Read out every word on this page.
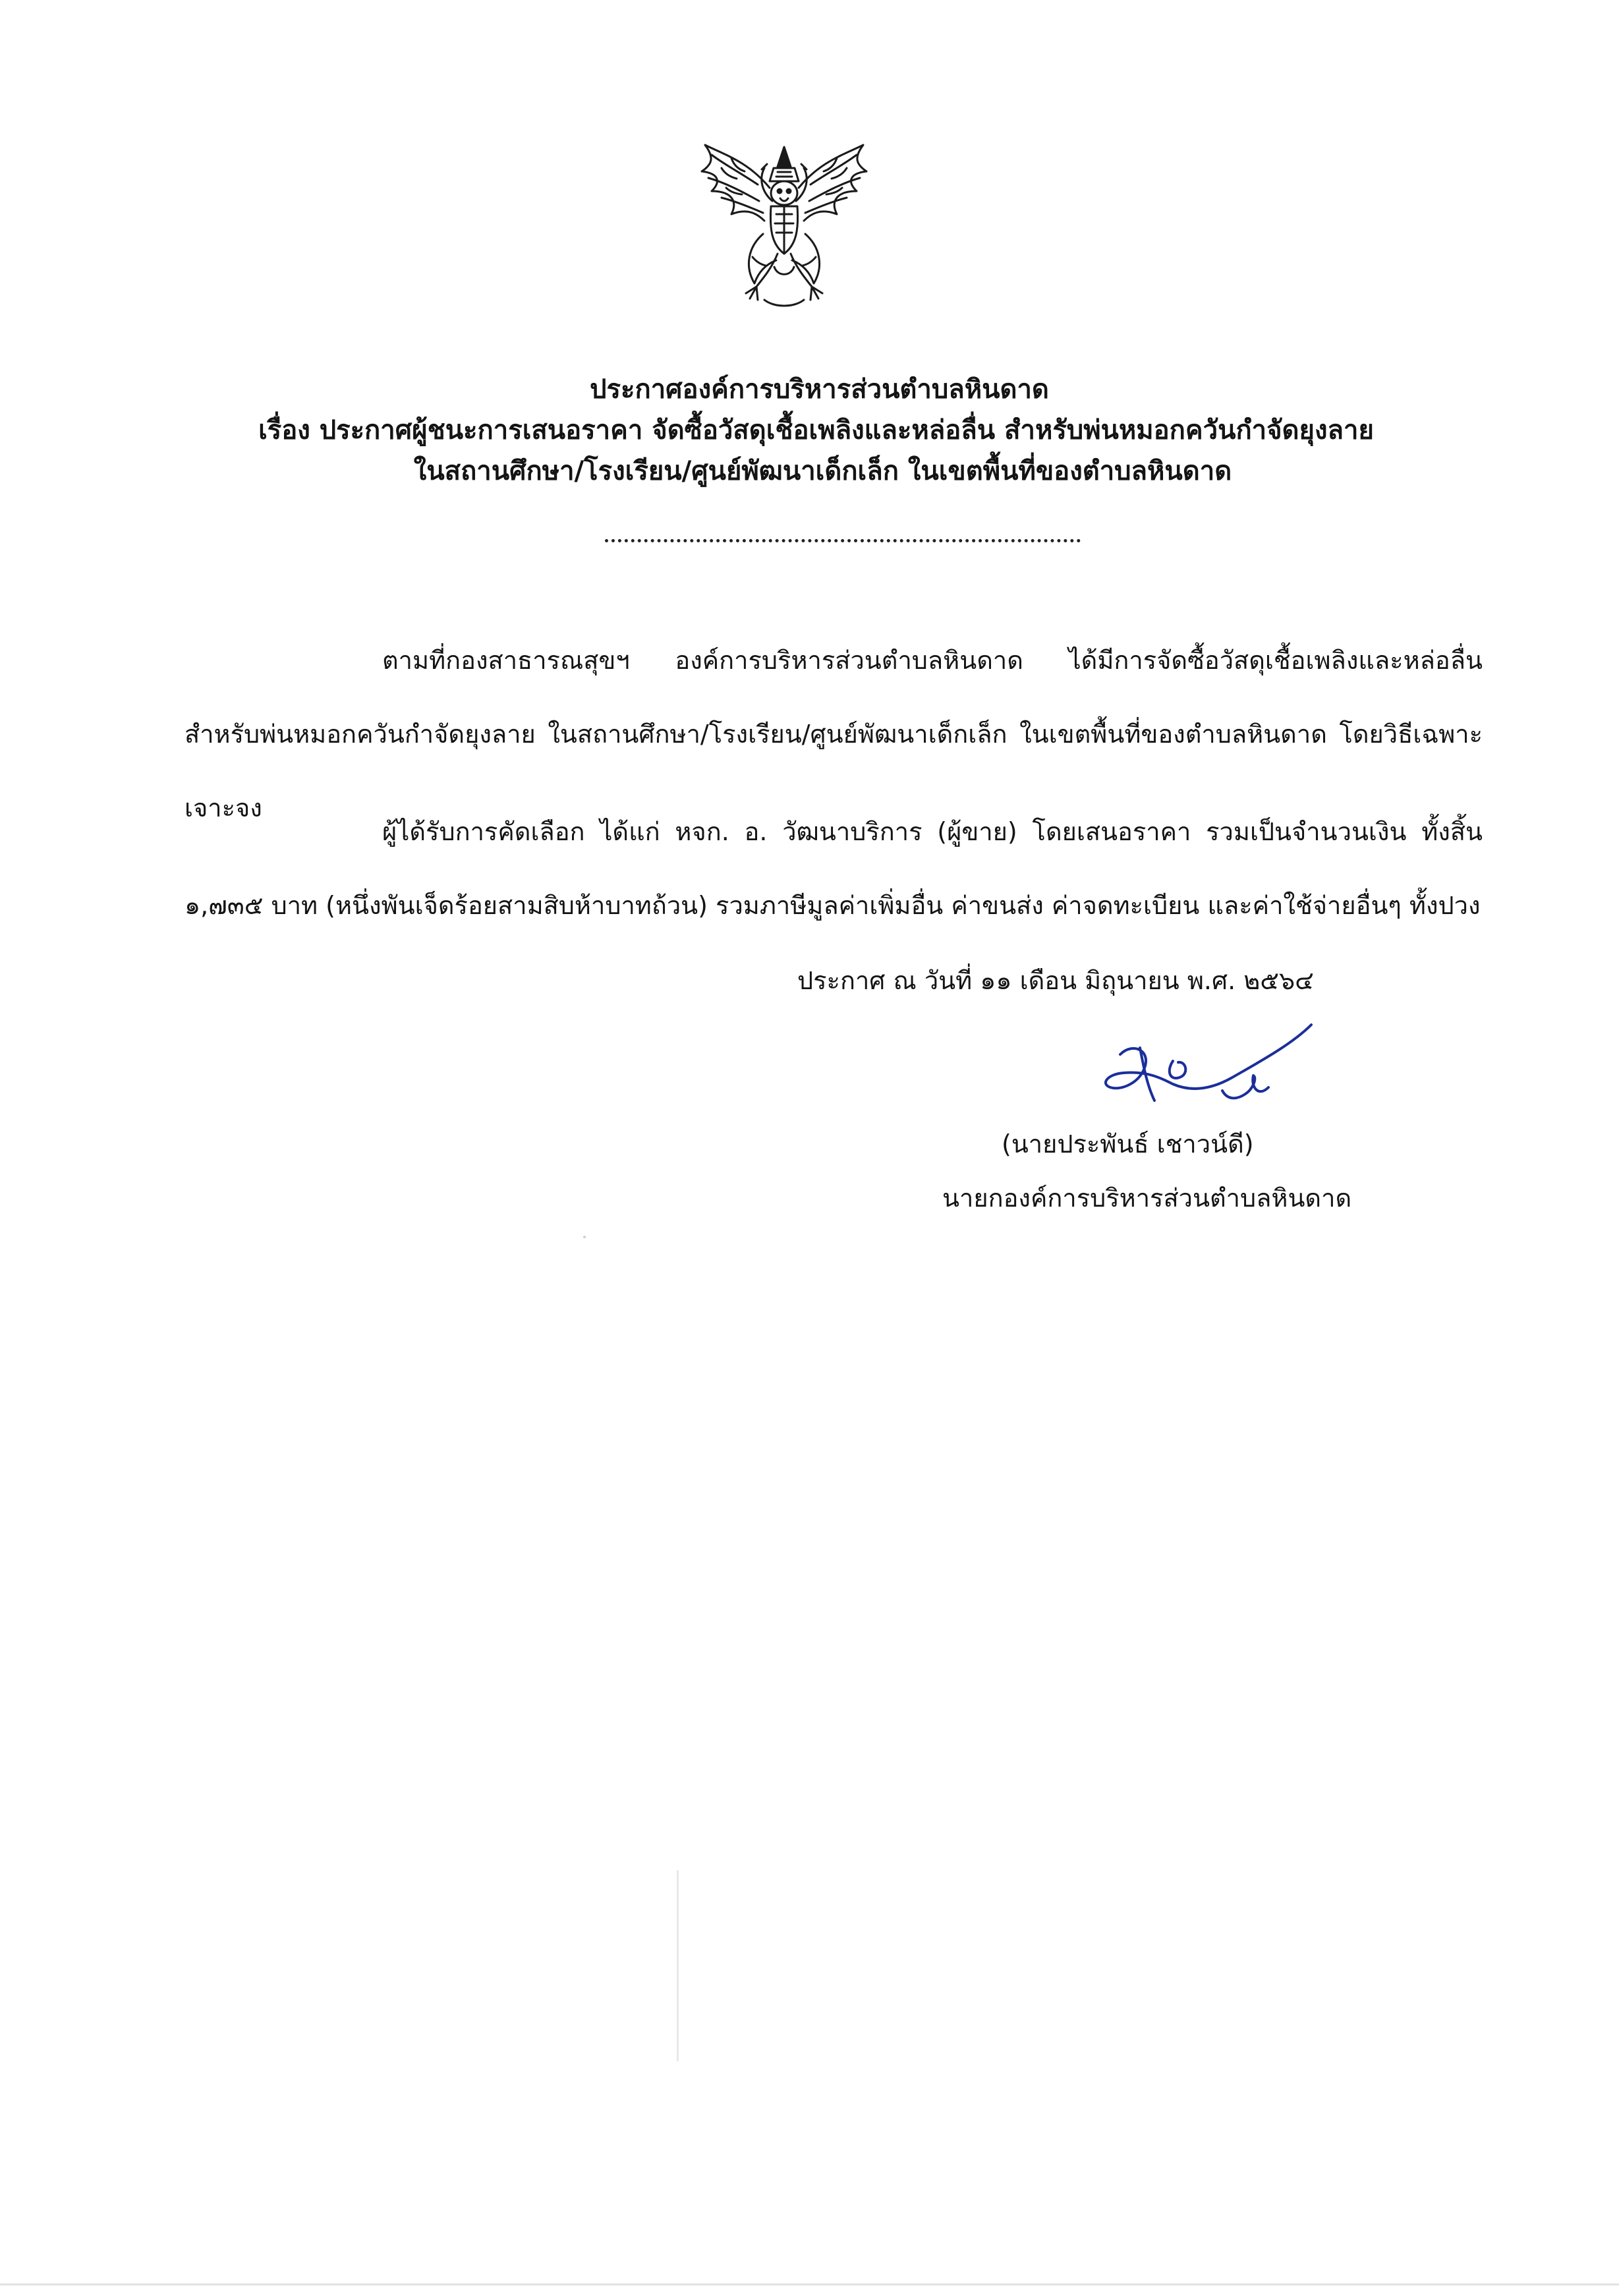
ประกาศองค์การบริหารส่วนตำบลหินดาด

เรื่อง ประกาศผู้ชนะการเสนอราคา จัดซื้อวัสดุเชื้อเพลิงและหล่อลื่น สำหรับพ่นหมอกควันกำจัดยุงลาย

ในสถานศึกษา/โรงเรียน/ศูนย์พัฒนาเด็กเล็ก ในเขตพื้นที่ของตำบลหินดาด

ตามที่กองสาธารณสุขฯ องค์การบริหารส่วนตำบลหินดาด ได้มีการจัดซื้อวัสดุเชื้อเพลิงและหล่อลื่น สำหรับพ่นหมอกควันกำจัดยุงลาย ในสถานศึกษา/โรงเรียน/ศูนย์พัฒนาเด็กเล็ก ในเขตพื้นที่ของตำบลหินดาด โดยวิธีเฉพาะเจาะจง

ผู้ได้รับการคัดเลือก ได้แก่ หจก. อ. วัฒนาบริการ (ผู้ขาย) โดยเสนอราคา รวมเป็นจำนวนเงิน ทั้งสิ้น ๑,๗๓๕ บาท (หนึ่งพันเจ็ดร้อยสามสิบห้าบาทถ้วน) รวมภาษีมูลค่าเพิ่มอื่น ค่าขนส่ง ค่าจดทะเบียน และค่าใช้จ่ายอื่นๆ ทั้งปวง

ประกาศ ณ วันที่ ๑๑ เดือน มิถุนายน พ.ศ. ๒๕๖๔
(นายประพันธ์ เชาวน์ดี)
นายกองค์การบริหารส่วนตำบลหินดาด
